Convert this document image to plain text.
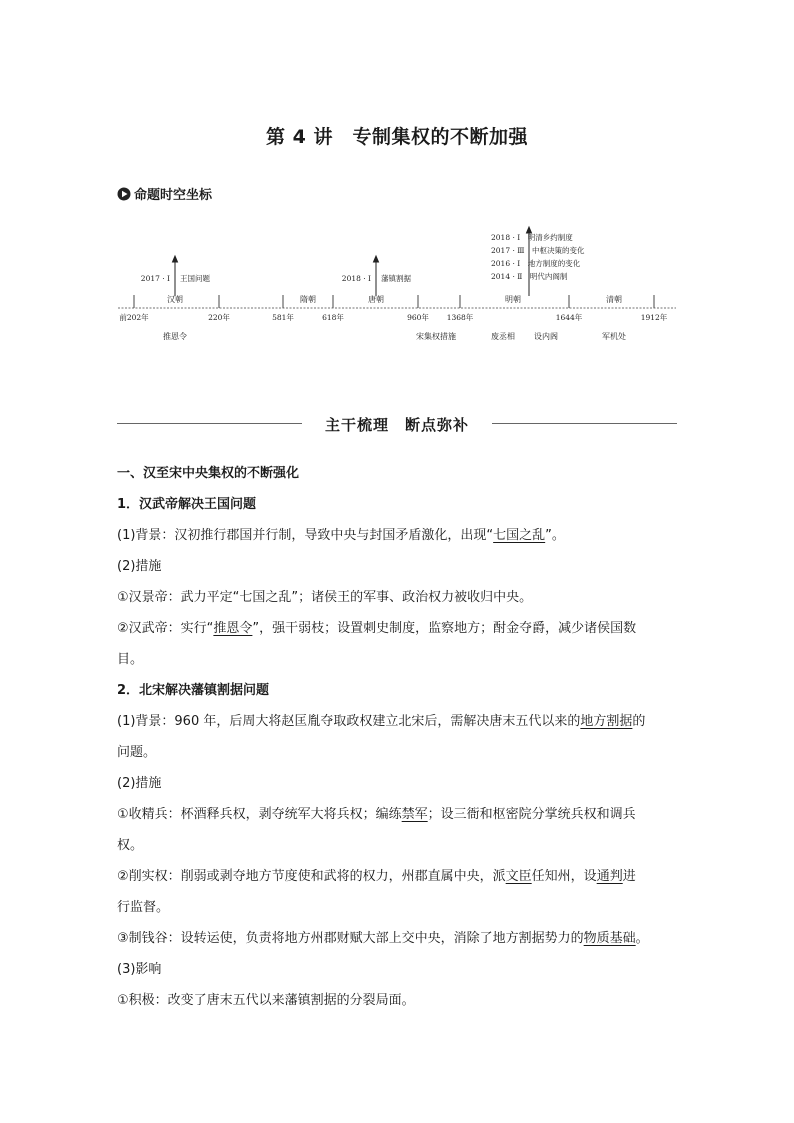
第 4 讲　专制集权的不断加强
命题时空坐标
2017 · Ⅰ 王国问题	2018 · Ⅰ 藩镇割据
2018 · Ⅰ　明清乡约制度
2017 · Ⅲ　中枢决策的变化
2016 · Ⅰ　地方制度的变化
2014 · Ⅱ　明代内阁制
汉朝	隋朝	唐朝	明朝	清朝
前202年	220年	581年	618年	960年 1368年	1644年	1912年
推恩令	宋集权措施	废丞相 设内阁	军机处
主干梳理　断点弥补

一、汉至宋中央集权的不断强化

1．汉武帝解决王国问题

(1)背景：汉初推行郡国并行制，导致中央与封国矛盾激化，出现“七国之乱”。

(2)措施

①汉景帝：武力平定“七国之乱”；诸侯王的军事、政治权力被收归中央。

②汉武帝：实行“推恩令”，强干弱枝；设置刺史制度，监察地方；酎金夺爵，减少诸侯国数

目。

2．北宋解决藩镇割据问题

(1)背景：960 年，后周大将赵匡胤夺取政权建立北宋后，需解决唐末五代以来的地方割据的

问题。

(2)措施

①收精兵：杯酒释兵权，剥夺统军大将兵权；编练禁军；设三衙和枢密院分掌统兵权和调兵

权。

②削实权：削弱或剥夺地方节度使和武将的权力，州郡直属中央，派文臣任知州，设通判进

行监督。

③制钱谷：设转运使，负责将地方州郡财赋大部上交中央，消除了地方割据势力的物质基础。

(3)影响

①积极：改变了唐末五代以来藩镇割据的分裂局面。
